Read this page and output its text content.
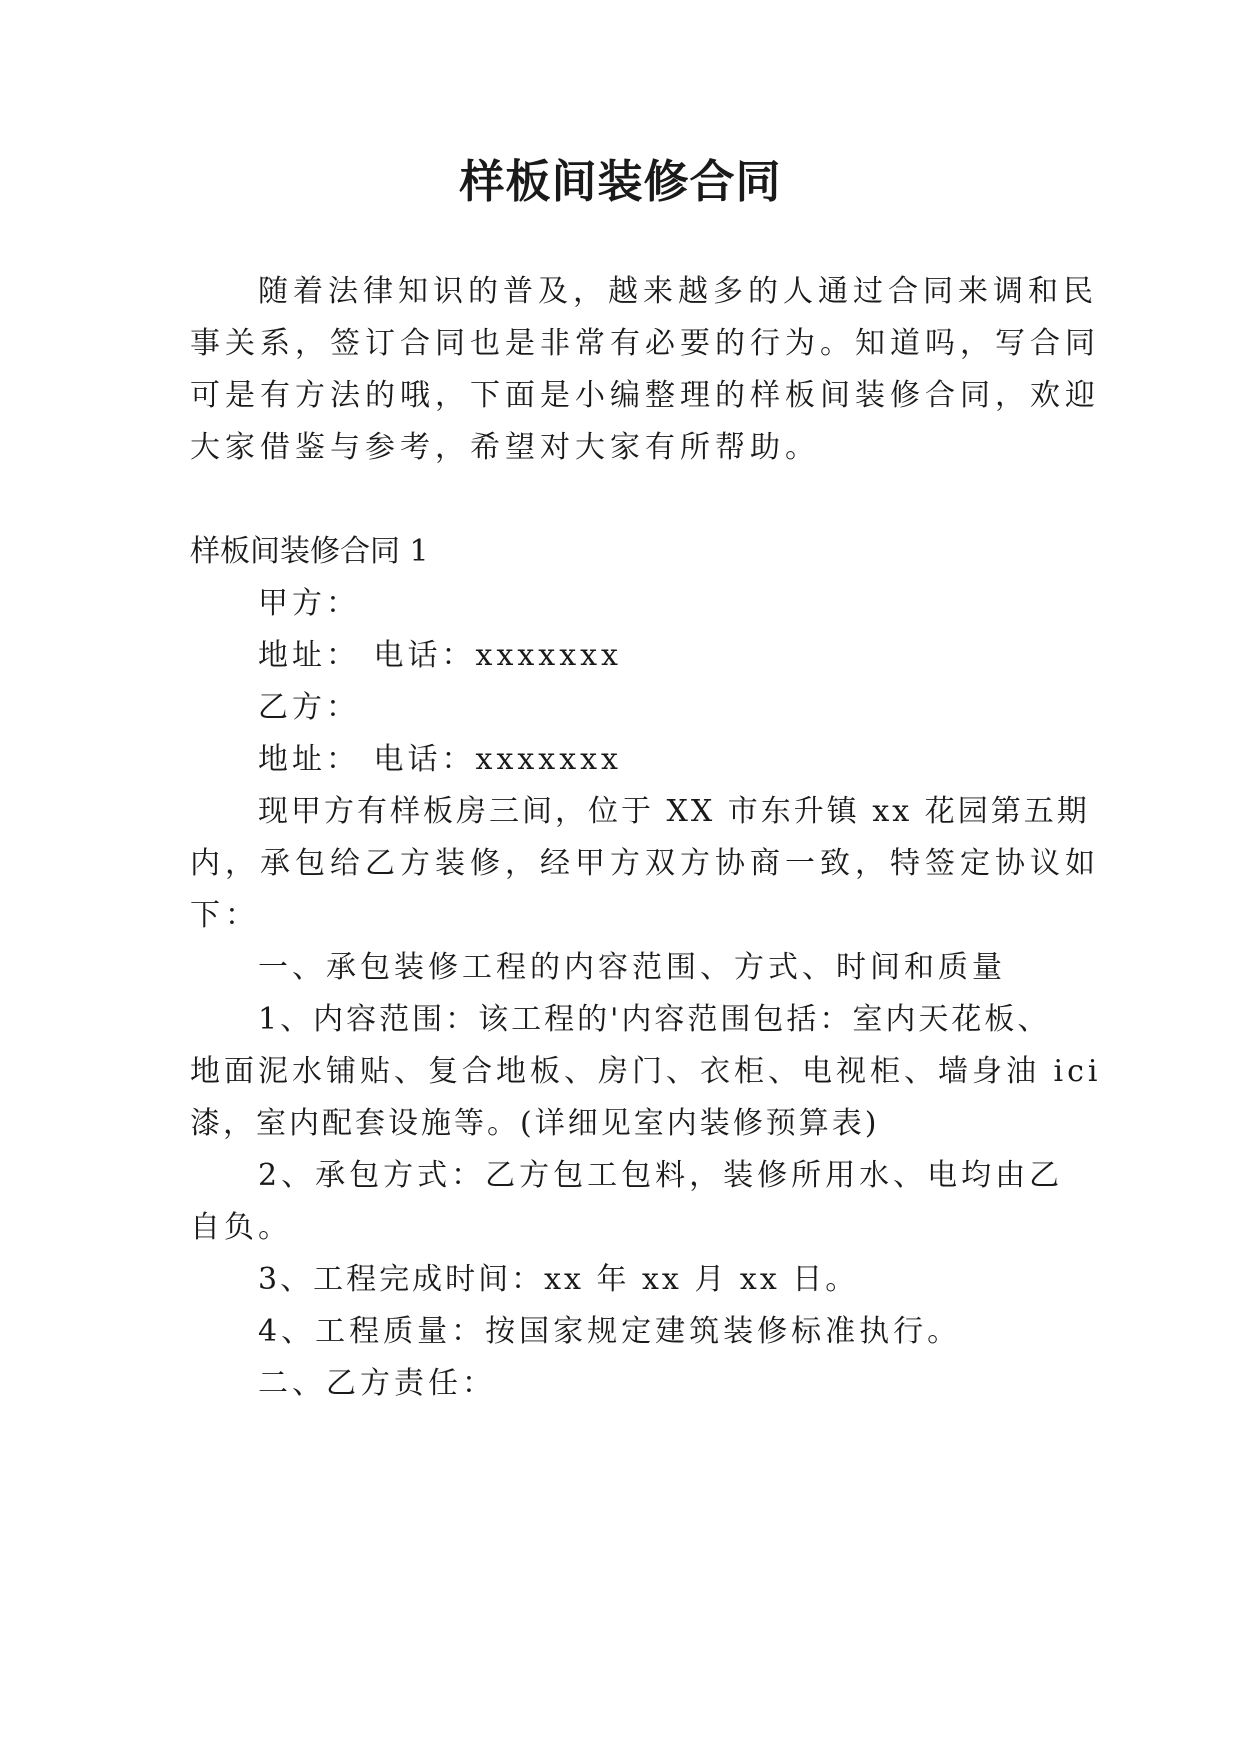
样板间装修合同

随着法律知识的普及，越来越多的人通过合同来调和民

事关系，签订合同也是非常有必要的行为。知道吗，写合同

可是有方法的哦，下面是小编整理的样板间装修合同，欢迎

大家借鉴与参考，希望对大家有所帮助。

样板间装修合同 1

甲方：

地址： 电话：xxxxxxx

乙方：

地址： 电话：xxxxxxx

现甲方有样板房三间，位于 XX 市东升镇 xx 花园第五期

内，承包给乙方装修，经甲方双方协商一致，特签定协议如

下：

一、承包装修工程的内容范围、方式、时间和质量

1、内容范围：该工程的'内容范围包括：室内天花板、

地面泥水铺贴、复合地板、房门、衣柜、电视柜、墙身油 ici

漆，室内配套设施等。(详细见室内装修预算表)

2、承包方式：乙方包工包料，装修所用水、电均由乙

自负。

3、工程完成时间：xx 年 xx 月 xx 日。

4、工程质量：按国家规定建筑装修标准执行。

二、乙方责任：
